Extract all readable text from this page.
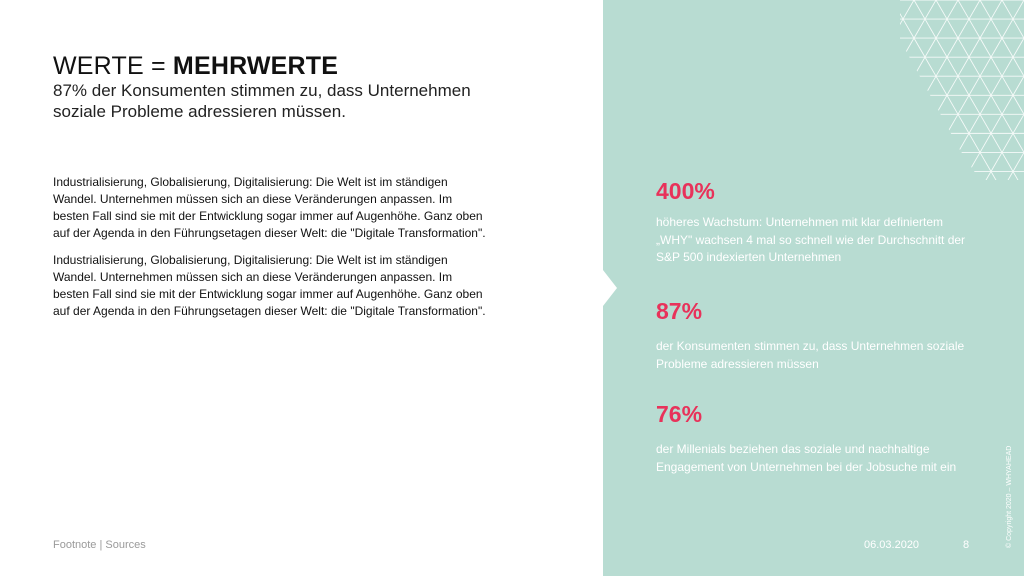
WERTE = MEHRWERTE

87% der Konsumenten stimmen zu, dass Unternehmen soziale Probleme adressieren müssen.

Industrialisierung, Globalisierung, Digitalisierung: Die Welt ist im ständigen Wandel. Unternehmen müssen sich an diese Veränderungen anpassen. Im besten Fall sind sie mit der Entwicklung sogar immer auf Augenhöhe. Ganz oben auf der Agenda in den Führungsetagen dieser Welt: die "Digitale Transformation".

Industrialisierung, Globalisierung, Digitalisierung: Die Welt ist im ständigen Wandel. Unternehmen müssen sich an diese Veränderungen anpassen. Im besten Fall sind sie mit der Entwicklung sogar immer auf Augenhöhe. Ganz oben auf der Agenda in den Führungsetagen dieser Welt: die "Digitale Transformation".

400%

höheres Wachstum: Unternehmen mit klar definiertem „WHY" wachsen 4 mal so schnell wie der Durchschnitt der S&P 500 indexierten Unternehmen

87%

der Konsumenten stimmen zu, dass Unternehmen soziale Probleme adressieren müssen

76%

der Millenials beziehen das soziale und nachhaltige Engagement von Unternehmen bei der Jobsuche mit ein

Footnote | Sources	06.03.2020	8	© Copyright 2020 – WHYAHEAD
